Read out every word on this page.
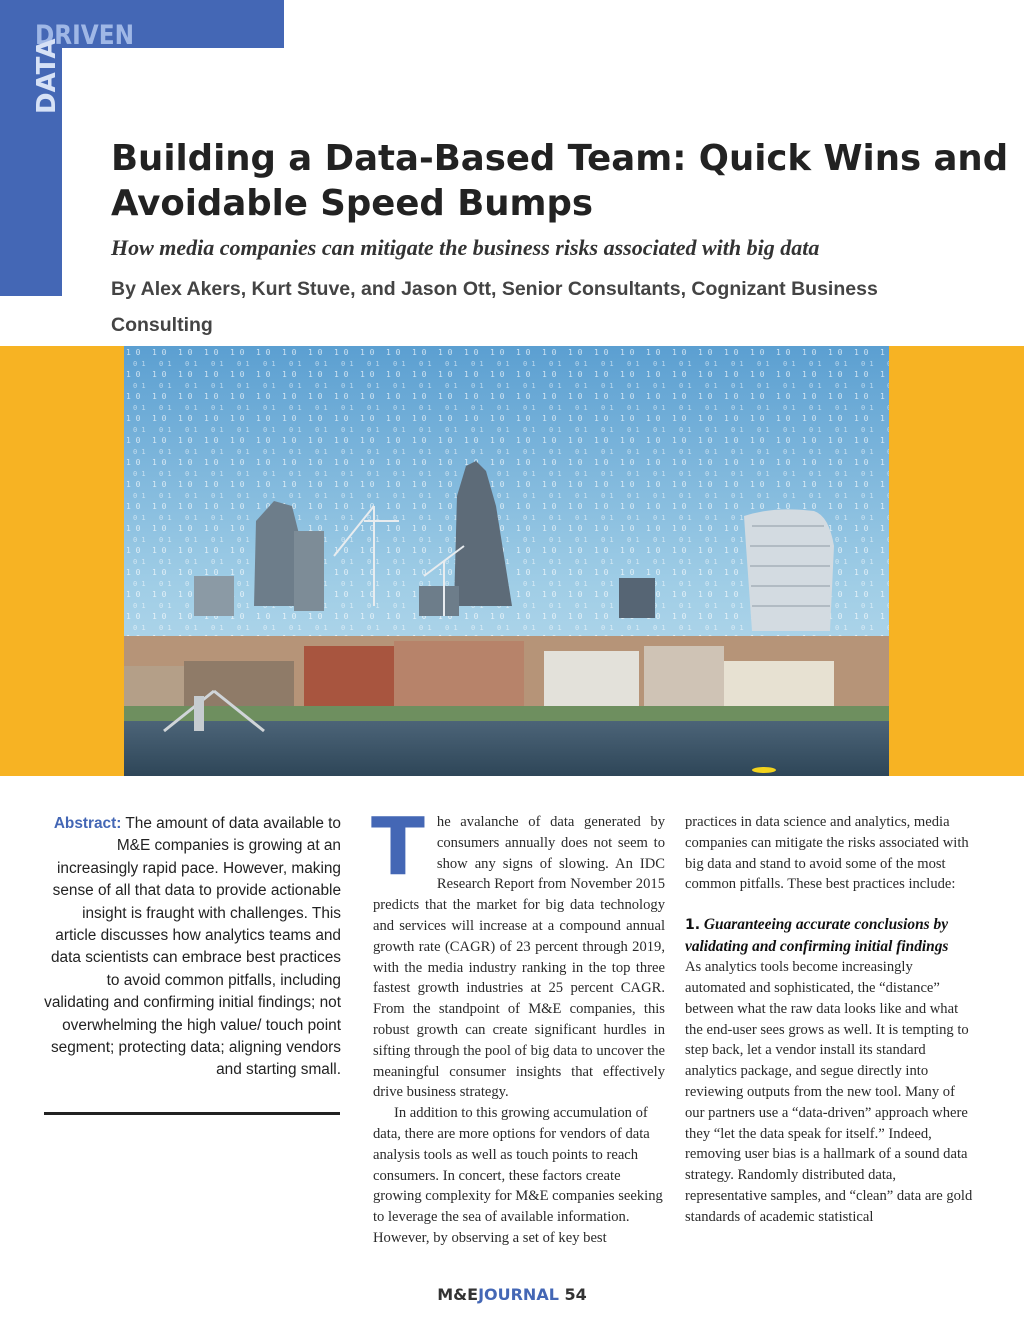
DRIVEN
DATA
Building a Data-Based Team: Quick Wins and Avoidable Speed Bumps

How media companies can mitigate the business risks associated with big data

By Alex Akers, Kurt Stuve, and Jason Ott, Senior Consultants, Cognizant Business Consulting

Abstract: The amount of data available to M&E companies is growing at an increasingly rapid pace. However, making sense of all that data to provide actionable insight is fraught with challenges. This article discusses how analytics teams and data scientists can embrace best practices to avoid common pitfalls, including validating and confirming initial findings; not overwhelming the high value/ touch point segment; protecting data; aligning vendors and starting small.

T he avalanche of data generated by consumers annually does not seem to show any signs of slowing. An IDC Research Report from November 2015 predicts that the market for big data technology and services will increase at a compound annual growth rate (CAGR) of 23 percent through 2019, with the media industry ranking in the top three fastest growth industries at 25 percent CAGR. From the standpoint of M&E companies, this robust growth can create significant hurdles in sifting through the pool of big data to uncover the meaningful consumer insights that effectively drive business strategy.

In addition to this growing accumulation of data, there are more options for vendors of data analysis tools as well as touch points to reach consumers. In concert, these factors create growing complexity for M&E companies seeking to leverage the sea of available information. However, by observing a set of key best

practices in data science and analytics, media companies can mitigate the risks associated with big data and stand to avoid some of the most common pitfalls. These best practices include:

1. Guaranteeing accurate conclusions by validating and confirming initial findings

As analytics tools become increasingly automated and sophisticated, the “distance” between what the raw data looks like and what the end-user sees grows as well. It is tempting to step back, let a vendor install its standard analytics package, and segue directly into reviewing outputs from the new tool. Many of our partners use a “data-driven” approach where they “let the data speak for itself.” Indeed, removing user bias is a hallmark of a sound data strategy. Randomly distributed data, representative samples, and “clean” data are gold standards of academic statistical

M&EJOURNAL 54
